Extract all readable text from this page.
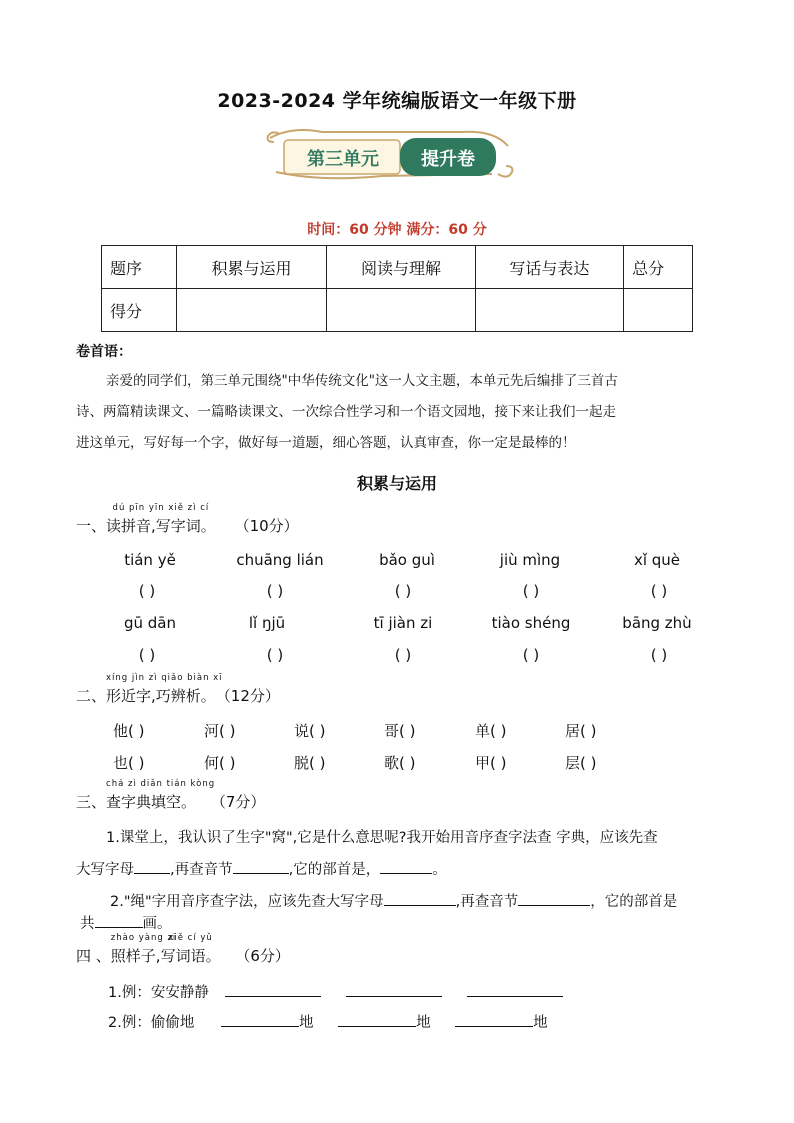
2023-2024 学年统编版语文一年级下册
第三单元	提升卷
时间：60 分钟 满分：60 分
题序	积累与运用	阅读与理解	写话与表达	总分
得分				
卷首语：
亲爱的同学们，第三单元围绕"中华传统文化"这一人文主题，本单元先后编排了三首古
诗、两篇精读课文、一篇略读课文、一次综合性学习和一个语文园地，接下来让我们一起走
进这单元，写好每一个字，做好每一道题，细心答题，认真审查，你一定是最棒的！
积累与运用
一、
dú pīn yīn xiě zì cí
读拼音,写字词。 （10分）
tián yě	chuāng lián	bǎo guì	jiù mìng	xǐ què
( )	( )	( )	( )	( )
gū dān	lǐ ŋjū	tī jiàn zi	tiào shéng	bāng zhù
( )	( )	( )	( )	( )
二、
xíng jìn zì qiǎo biàn xī
形近字,巧辨析。（12分）
他( )	河( )	说( )	哥( )	单( )	居( )
也( )	何( )	脱( )	歌( )	甲( )	层( )
三、
chá zì diǎn tián kòng
查字典填空。 （7分）
1.课堂上，我认识了生字"窝",它是什么意思呢?我开始用音序查字法查 字典，应该先查
大写字母 ,再查音节	,它的部首是，	。
2."绳"字用音序查字法，应该先查大写字母	,再查音节	，它的部首是
共	画。
四 、
zhào yàng zi
照样子,
xiě cí yǔ
写词语。 （6分）
1.例：安安静静
2.例：偷偷地	地	地	地
